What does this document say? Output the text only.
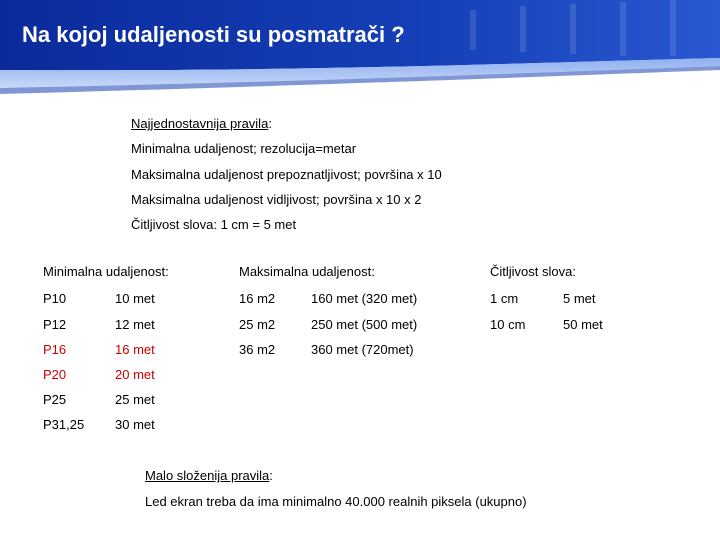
Na kojoj udaljenosti su posmatrači ?
Najjednostavnija pravila:
Minimalna udaljenost; rezolucija=metar
Maksimalna udaljenost prepoznatljivost; površina x 10
Maksimalna udaljenost vidljivost; površina x 10 x 2
Čitljivost slova: 1 cm = 5 met
Minimalna udaljenost:	Maksimalna udaljenost:	Čitljivost slova:
P10	10 met	16 m2	160 met (320 met)	1 cm	5 met
P12	12 met	25 m2	250 met (500 met)	10 cm	50 met
P16	16 met	36 m2	360 met (720met)
P20	20 met
P25	25 met
P31,25 30 met
Malo složenija pravila:
Led ekran treba da ima minimalno 40.000 realnih piksela (ukupno)
